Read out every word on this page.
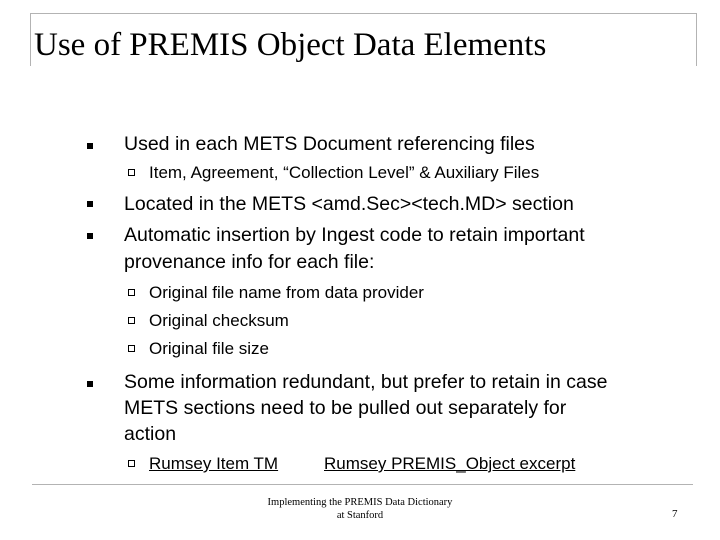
Use of PREMIS Object Data Elements
Used in each METS Document referencing files
Item, Agreement, “Collection Level” & Auxiliary Files
Located in the METS <amd.Sec><tech.MD> section
Automatic insertion by Ingest code to retain important
provenance info for each file:
Original file name from data provider
Original checksum
Original file size
Some information redundant, but prefer to retain in case
METS sections need to be pulled out separately for
action
Rumsey Item TM	Rumsey PREMIS_Object excerpt
Implementing the PREMIS Data Dictionary
at Stanford	7
